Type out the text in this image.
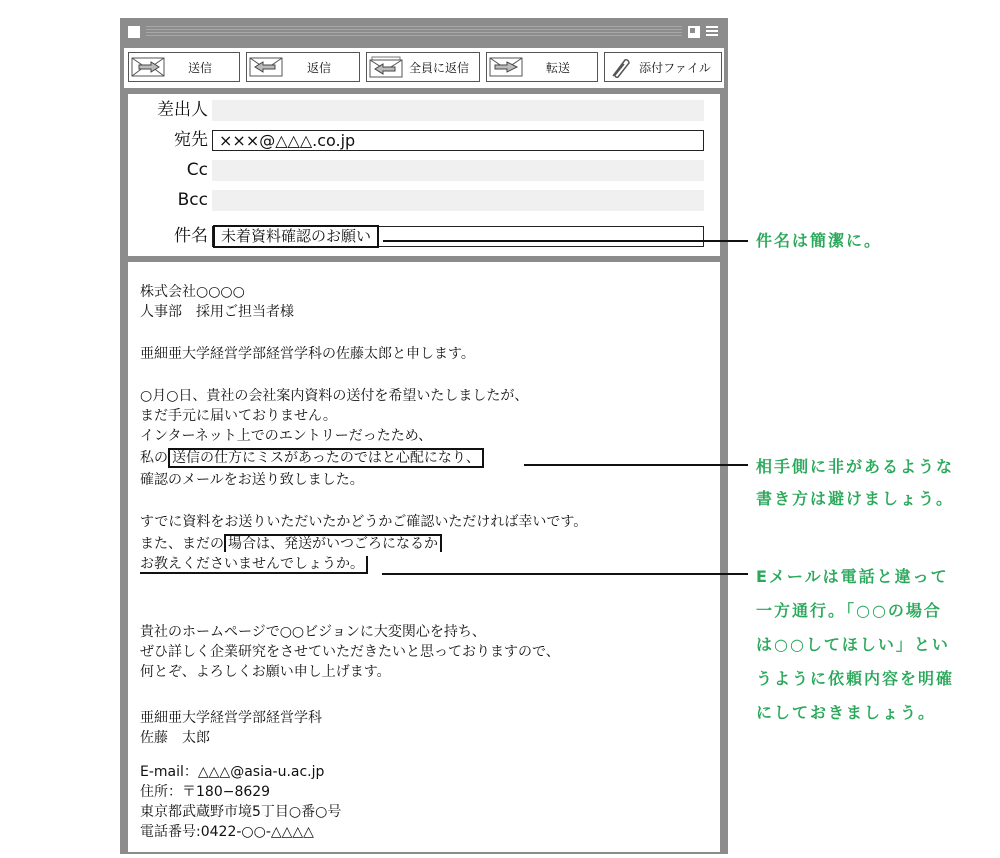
送信	返信	全員に返信	転送	添付ファイル
差出人
宛先 ×××@△△△.co.jp
Cc
Bcc
件名 未着資料確認のお願い
株式会社○○○○
人事部　採用ご担当者様
亜細亜大学経営学部経営学科の佐藤太郎と申します。
○月○日、貴社の会社案内資料の送付を希望いたしましたが、
まだ手元に届いておりません。
インターネット上でのエントリーだったため、
私の 送信の仕方にミスがあったのではと心配になり、
確認のメールをお送り致しました。
すでに資料をお送りいただいたかどうかご確認いただければ幸いです。
また、まだの 場合は、発送がいつごろになるか
お教えくださいませんでしょうか。
貴社のホームページで○○ビジョンに大変関心を持ち、
ぜひ詳しく企業研究をさせていただきたいと思っておりますので、
何とぞ、よろしくお願い申し上げます。
亜細亜大学経営学部経営学科
佐藤　太郎
E-mail：△△△@asia-u.ac.jp
住所：〒180−8629
東京都武蔵野市境5丁目○番○号
電話番号:0422-○○-△△△△
件名は簡潔に。
相手側に非があるような
書き方は避けましょう。
Eメールは電話と違って
一方通行。「○○の場合
は○○してほしい」とい
うように依頼内容を明確
にしておきましょう。
